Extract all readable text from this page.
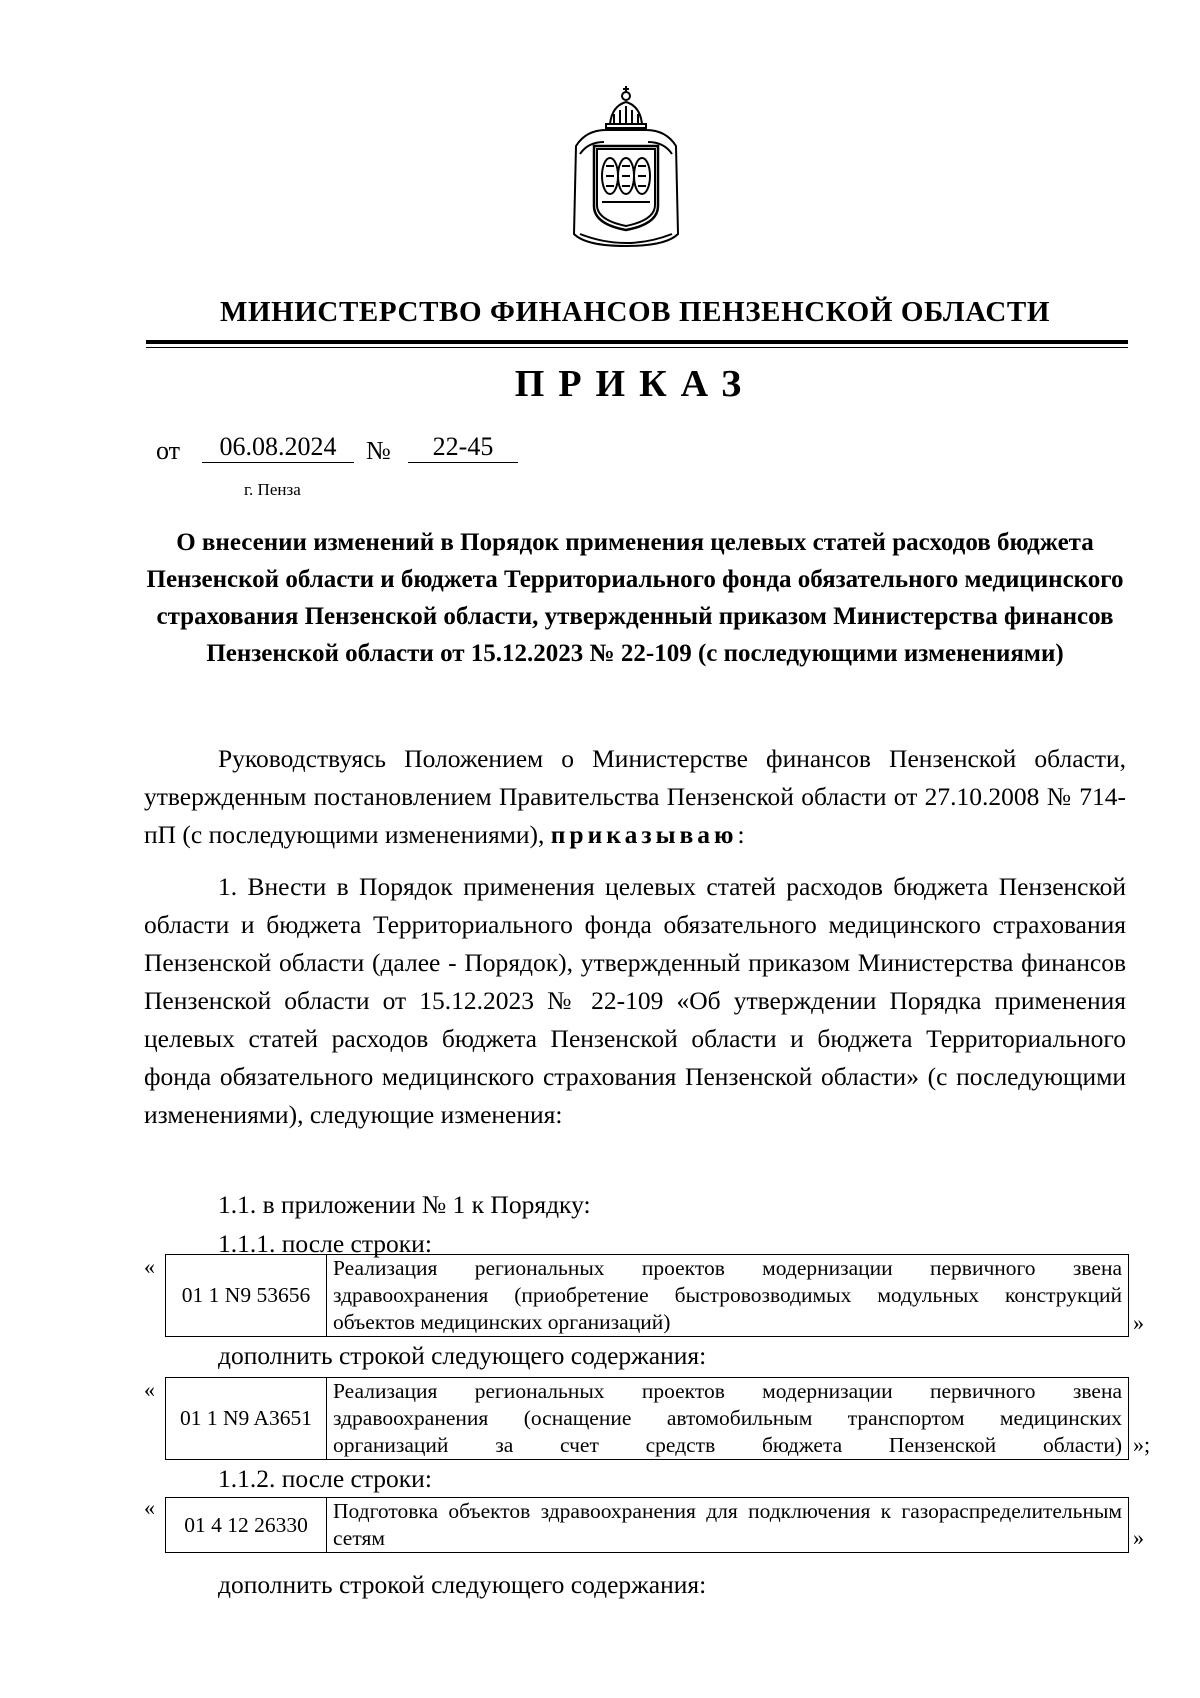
МИНИСТЕРСТВО ФИНАНСОВ ПЕНЗЕНСКОЙ ОБЛАСТИ
ПРИКАЗ
от	06.08.2024	№	22-45
г. Пенза
О внесении изменений в Порядок применения целевых статей расходов бюджета Пензенской области и бюджета Территориального фонда обязательного медицинского страхования Пензенской области, утвержденный приказом Министерства финансов Пензенской области от 15.12.2023 № 22-109 (с последующими изменениями)

Руководствуясь Положением о Министерстве финансов Пензенской области, утвержденным постановлением Правительства Пензенской области от 27.10.2008 № 714-пП (с последующими изменениями), приказываю:

1. Внести в Порядок применения целевых статей расходов бюджета Пензенской области и бюджета Территориального фонда обязательного медицинского страхования Пензенской области (далее - Порядок), утвержденный приказом Министерства финансов Пензенской области от 15.12.2023 № 22-109 «Об утверждении Порядка применения целевых статей расходов бюджета Пензенской области и бюджета Территориального фонда обязательного медицинского страхования Пензенской области» (с последующими изменениями), следующие изменения:

1.1. в приложении № 1 к Порядку:
1.1.1. после строки:
«
01 1 N9 53656	Реализация региональных проектов модернизации первичного звена здравоохранения (приобретение быстровозводимых модульных конструкций объектов медицинских организаций)	»
дополнить строкой следующего содержания:
«
01 1 N9 A3651	Реализация региональных проектов модернизации первичного звена здравоохранения (оснащение автомобильным транспортом медицинских организаций за счет средств бюджета Пензенской области) »;
1.1.2. после строки:
«
01 4 12 26330	Подготовка объектов здравоохранения для подключения к газораспределительным сетям	»
дополнить строкой следующего содержания:
